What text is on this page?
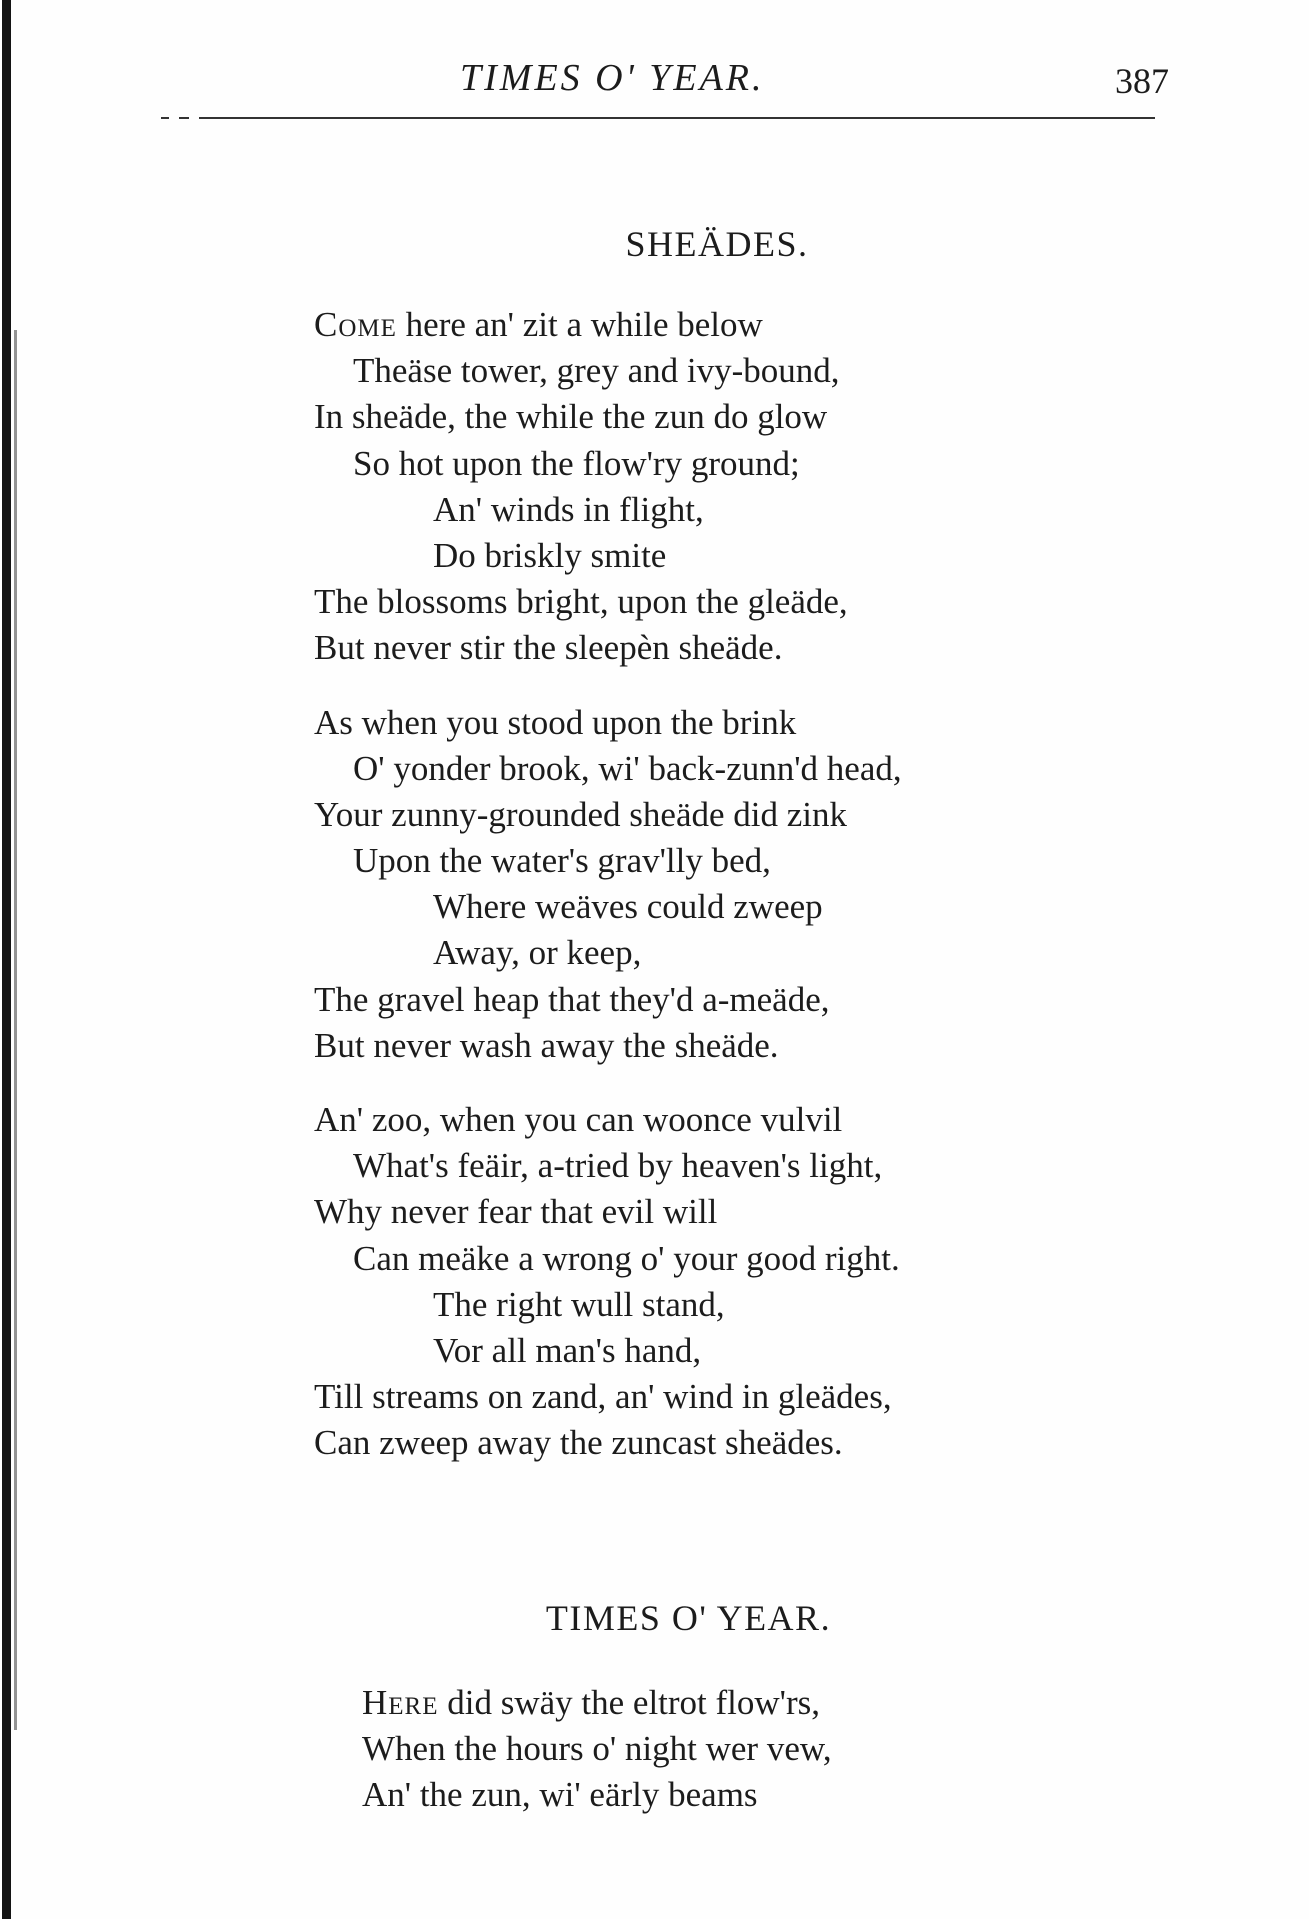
TIMES O' YEAR.	387
SHEÄDES.
Come here an' zit a while below
Theäse tower, grey and ivy-bound,
In sheäde, the while the zun do glow
So hot upon the flow'ry ground;
An' winds in flight,
Do briskly smite
The blossoms bright, upon the gleäde,
But never stir the sleepèn sheäde.
As when you stood upon the brink
O' yonder brook, wi' back-zunn'd head,
Your zunny-grounded sheäde did zink
Upon the water's grav'lly bed,
Where weäves could zweep
Away, or keep,
The gravel heap that they'd a-meäde,
But never wash away the sheäde.
An' zoo, when you can woonce vulvil
What's feäir, a-tried by heaven's light,
Why never fear that evil will
Can meäke a wrong o' your good right.
The right wull stand,
Vor all man's hand,
Till streams on zand, an' wind in gleädes,
Can zweep away the zuncast sheädes.
TIMES O' YEAR.
Here did swäy the eltrot flow'rs,
When the hours o' night wer vew,
An' the zun, wi' eärly beams
